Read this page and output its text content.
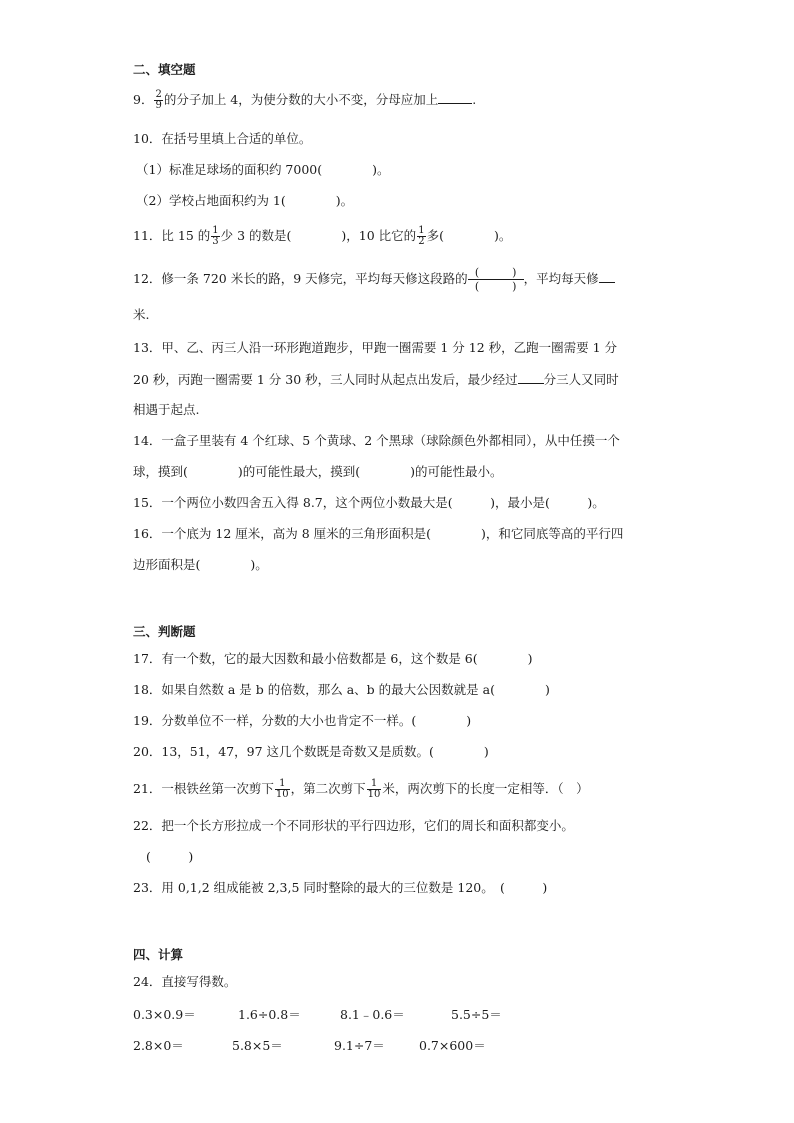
二、填空题
9． $\frac{2}{9}$ 的分子加上 4，为使分数的大小不变，分母应加上	.
10．在括号里填上合适的单位。
（1）标准足球场的面积约 7000(　　　　)。
（2）学校占地面积约为 1(　　　　)。
11．比 15 的 $\frac{1}{3}$ 少 3 的数是(　　　　)，10 比它的 $\frac{1}{2}$ 多(　　　　)。
12．修一条 720 米长的路，9 天修完，平均每天修这段路的 $\frac{( )}{( )}$ ，平均每天修
米.
13．甲、乙、丙三人沿一环形跑道跑步，甲跑一圈需要 1 分 12 秒，乙跑一圈需要 1 分
20 秒，丙跑一圈需要 1 分 30 秒，三人同时从起点出发后，最少经过 分三人又同时
相遇于起点.
14．一盒子里装有 4 个红球、5 个黄球、2 个黑球（球除颜色外都相同），从中任摸一个
球，摸到(　　　　)的可能性最大，摸到(　　　　)的可能性最小。
15．一个两位小数四舍五入得 8.7，这个两位小数最大是(　　　)，最小是(　　　)。
16．一个底为 12 厘米，高为 8 厘米的三角形面积是(　　　　)，和它同底等高的平行四
边形面积是(　　　　)。
三、判断题
17．有一个数，它的最大因数和最小倍数都是 6，这个数是 6(　　　　)
18．如果自然数 a 是 b 的倍数，那么 a、b 的最大公因数就是 a(　　　　)
19．分数单位不一样，分数的大小也肯定不一样。(　　　　)
20．13，51，47，97 这几个数既是奇数又是质数。(　　　　)
21．一根铁丝第一次剪下 $\frac{1}{10}$ ，第二次剪下 $\frac{1}{10}$ 米，两次剪下的长度一定相等．（　）
22．把一个长方形拉成一个不同形状的平行四边形，它们的周长和面积都变小。
(　　　)
23．用 0,1,2 组成能被 2,3,5 同时整除的最大的三位数是 120。　(　　　)
四、计算
24．直接写得数。
0.3×0.9＝	1.6÷0.8＝	8.1﹣0.6＝	5.5÷5＝
2.8×0＝	5.8×5＝	9.1÷7＝	0.7×600＝
